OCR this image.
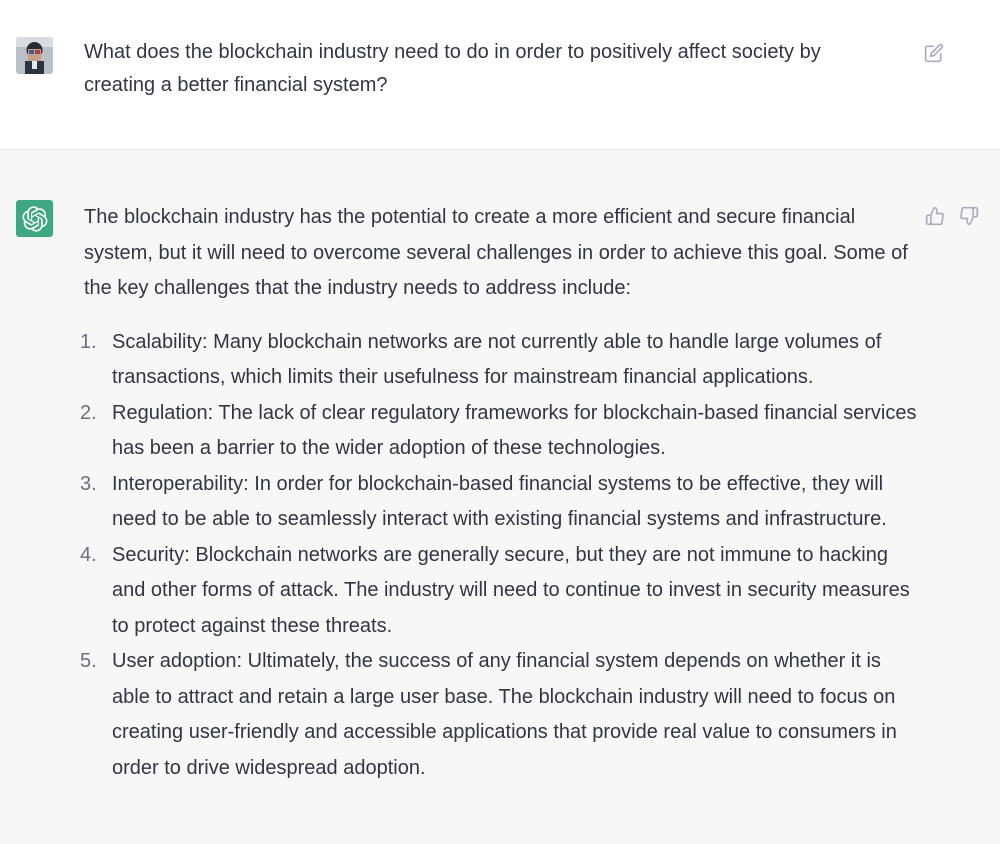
What does the blockchain industry need to do in order to positively affect society by creating a better financial system?

The blockchain industry has the potential to create a more efficient and secure financial system, but it will need to overcome several challenges in order to achieve this goal. Some of the key challenges that the industry needs to address include:

1. Scalability: Many blockchain networks are not currently able to handle large volumes of transactions, which limits their usefulness for mainstream financial applications.
2. Regulation: The lack of clear regulatory frameworks for blockchain-based financial services has been a barrier to the wider adoption of these technologies.
3. Interoperability: In order for blockchain-based financial systems to be effective, they will need to be able to seamlessly interact with existing financial systems and infrastructure.
4. Security: Blockchain networks are generally secure, but they are not immune to hacking and other forms of attack. The industry will need to continue to invest in security measures to protect against these threats.
5. User adoption: Ultimately, the success of any financial system depends on whether it is able to attract and retain a large user base. The blockchain industry will need to focus on creating user-friendly and accessible applications that provide real value to consumers in order to drive widespread adoption.
